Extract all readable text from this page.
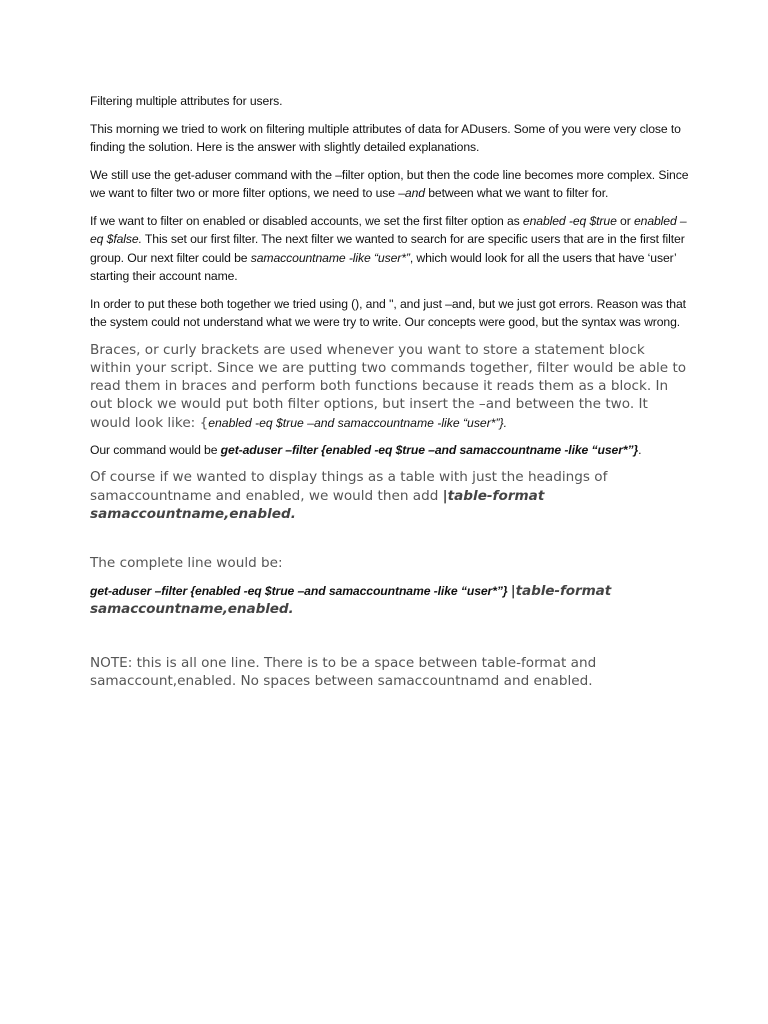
Filtering multiple attributes for users.

This morning we tried to work on filtering multiple attributes of data for ADusers. Some of you were very close to finding the solution. Here is the answer with slightly detailed explanations.

We still use the get-aduser command with the –filter option, but then the code line becomes more complex. Since we want to filter two or more filter options, we need to use –and between what we want to filter for.

If we want to filter on enabled or disabled accounts, we set the first filter option as enabled -eq $true or enabled –eq $false. This set our first filter. The next filter we wanted to search for are specific users that are in the first filter group. Our next filter could be samaccountname -like “user*”, which would look for all the users that have ‘user’ starting their account name.

In order to put these both together we tried using (), and '', and just –and, but we just got errors. Reason was that the system could not understand what we were try to write. Our concepts were good, but the syntax was wrong.

Braces, or curly brackets are used whenever you want to store a statement block within your script. Since we are putting two commands together, filter would be able to read them in braces and perform both functions because it reads them as a block. In out block we would put both filter options, but insert the –and between the two. It would look like: {enabled -eq $true –and samaccountname -like “user*”}.

Our command would be get-aduser –filter {enabled -eq $true –and samaccountname -like “user*”}.

Of course if we wanted to display things as a table with just the headings of samaccountname and enabled, we would then add |table-format samaccountname,enabled.

The complete line would be:

get-aduser –filter {enabled -eq $true –and samaccountname -like “user*”} |table-format samaccountname,enabled.

NOTE: this is all one line. There is to be a space between table-format and samaccount,enabled. No spaces between samaccountnamd and enabled.
